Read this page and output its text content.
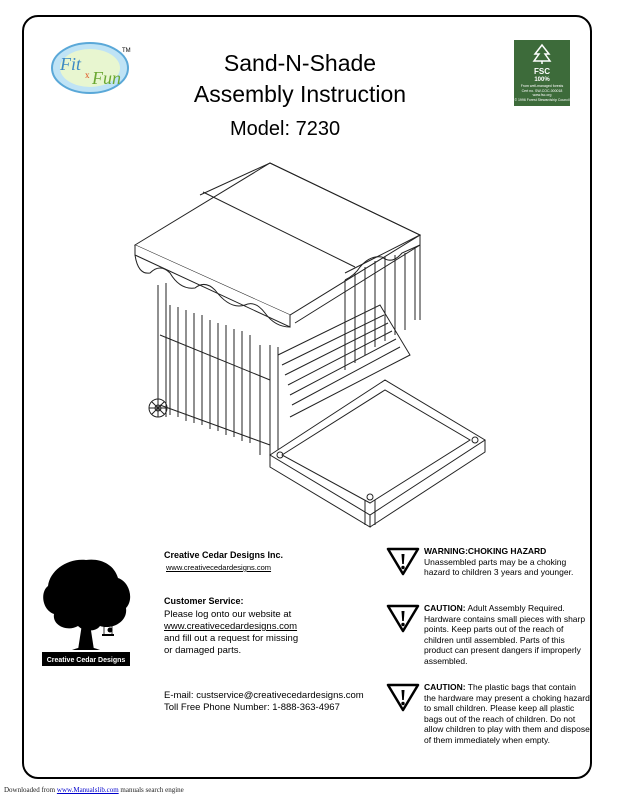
Fit
x Fun
TM	Sand-N-Shade
Assembly Instruction
Model: 7230
FSC
100%
From well-managed forests
Cert no. SW-COC-000018
www.fsc.org
© 1996 Forest Stewardship Council
Creative Cedar Designs
Creative Cedar Designs Inc.
www.creativecedardesigns.com
Customer Service:
Please log onto our website at
www.creativecedardesigns.com
and fill out a request for missing
or damaged parts.
E-mail: custservice@creativecedardesigns.com
Toll Free Phone Number: 1-888-363-4967
WARNING:CHOKING HAZARD
Unassembled parts may be a choking hazard to children 3 years and younger.
CAUTION: Adult Assembly Required. Hardware contains small pieces with sharp points. Keep parts out of the reach of children until assembled. Parts of this product can present dangers if improperly assembled.
CAUTION: The plastic bags that contain the hardware may present a choking hazard to small children. Please keep all plastic bags out of the reach of children. Do not allow children to play with them and dispose of them immediately when empty.
Downloaded from www.Manualslib.com manuals search engine
